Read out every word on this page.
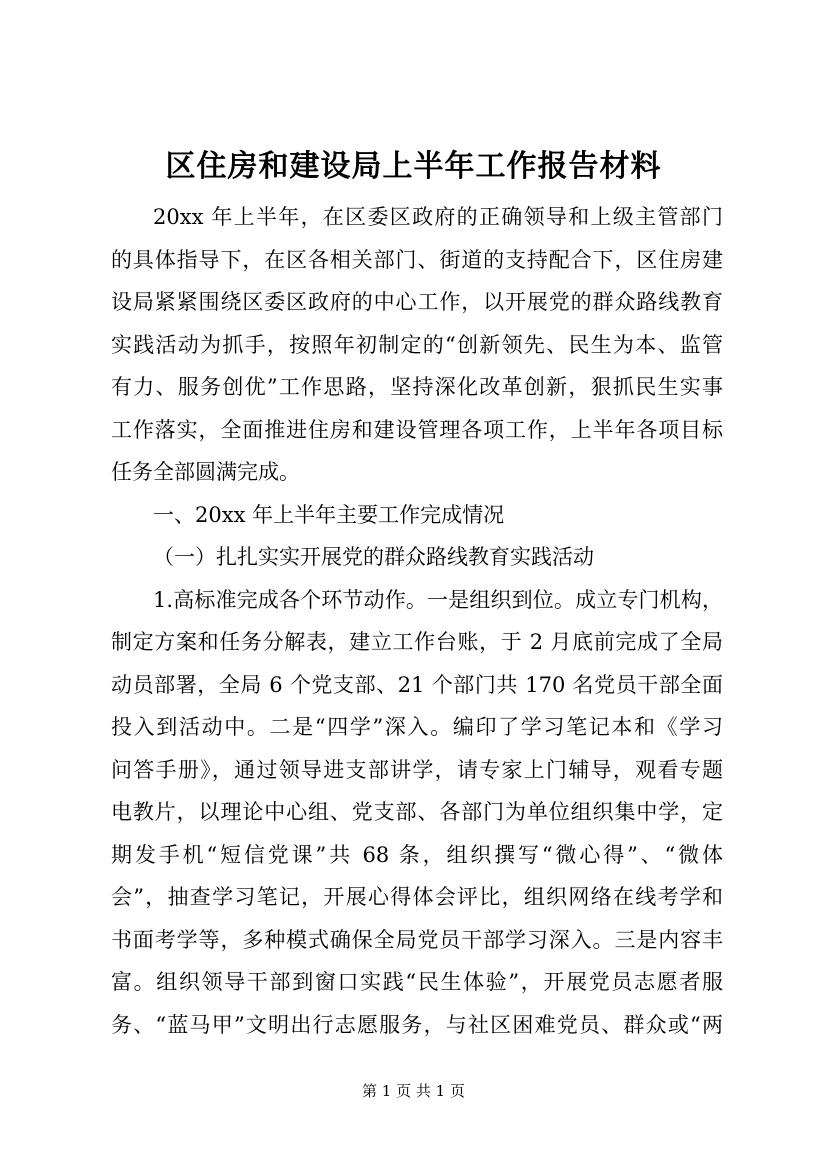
区住房和建设局上半年工作报告材料
20xx 年上半年，在区委区政府的正确领导和上级主管部门
的具体指导下，在区各相关部门、街道的支持配合下，区住房建
设局紧紧围绕区委区政府的中心工作，以开展党的群众路线教育
实践活动为抓手，按照年初制定的“创新领先、民生为本、监管
有力、服务创优”工作思路，坚持深化改革创新，狠抓民生实事
工作落实，全面推进住房和建设管理各项工作，上半年各项目标
任务全部圆满完成。
一、20xx 年上半年主要工作完成情况
（一）扎扎实实开展党的群众路线教育实践活动
1.高标准完成各个环节动作。一是组织到位。成立专门机构，
制定方案和任务分解表，建立工作台账，于 2 月底前完成了全局
动员部署，全局 6 个党支部、21 个部门共 170 名党员干部全面
投入到活动中。二是“四学”深入。编印了学习笔记本和《学习
问答手册》，通过领导进支部讲学，请专家上门辅导，观看专题
电教片，以理论中心组、党支部、各部门为单位组织集中学，定
期发手机“短信党课”共 68 条，组织撰写“微心得”、“微体
会”，抽查学习笔记，开展心得体会评比，组织网络在线考学和
书面考学等，多种模式确保全局党员干部学习深入。三是内容丰
富。组织领导干部到窗口实践“民生体验”，开展党员志愿者服
务、“蓝马甲”文明出行志愿服务，与社区困难党员、群众或“两
第 1 页 共 1 页
